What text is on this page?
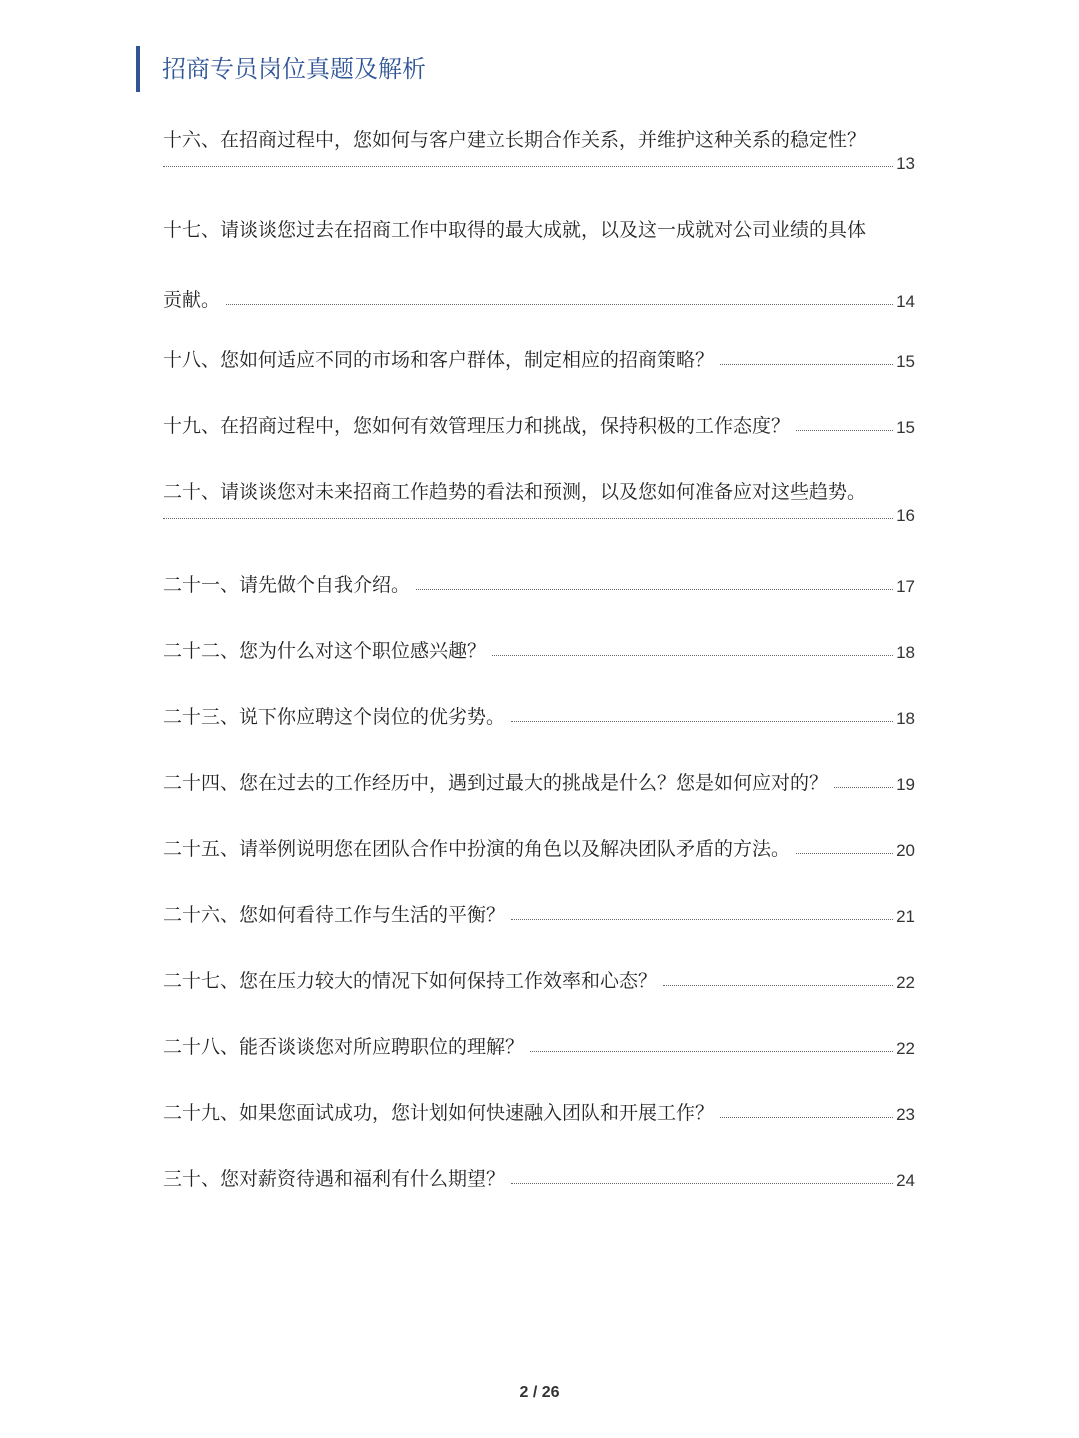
招商专员岗位真题及解析
十六、在招商过程中，您如何与客户建立长期合作关系，并维护这种关系的稳定性？
13
十七、请谈谈您过去在招商工作中取得的最大成就，以及这一成就对公司业绩的具体
贡献。	14
十八、您如何适应不同的市场和客户群体，制定相应的招商策略？	15
十九、在招商过程中，您如何有效管理压力和挑战，保持积极的工作态度？	15
二十、请谈谈您对未来招商工作趋势的看法和预测，以及您如何准备应对这些趋势。
16
二十一、请先做个自我介绍。	17
二十二、您为什么对这个职位感兴趣？	18
二十三、说下你应聘这个岗位的优劣势。	18
二十四、您在过去的工作经历中，遇到过最大的挑战是什么？您是如何应对的？	19
二十五、请举例说明您在团队合作中扮演的角色以及解决团队矛盾的方法。	20
二十六、您如何看待工作与生活的平衡？	21
二十七、您在压力较大的情况下如何保持工作效率和心态？	22
二十八、能否谈谈您对所应聘职位的理解？	22
二十九、如果您面试成功，您计划如何快速融入团队和开展工作？	23
三十、您对薪资待遇和福利有什么期望？	24
2 / 26
